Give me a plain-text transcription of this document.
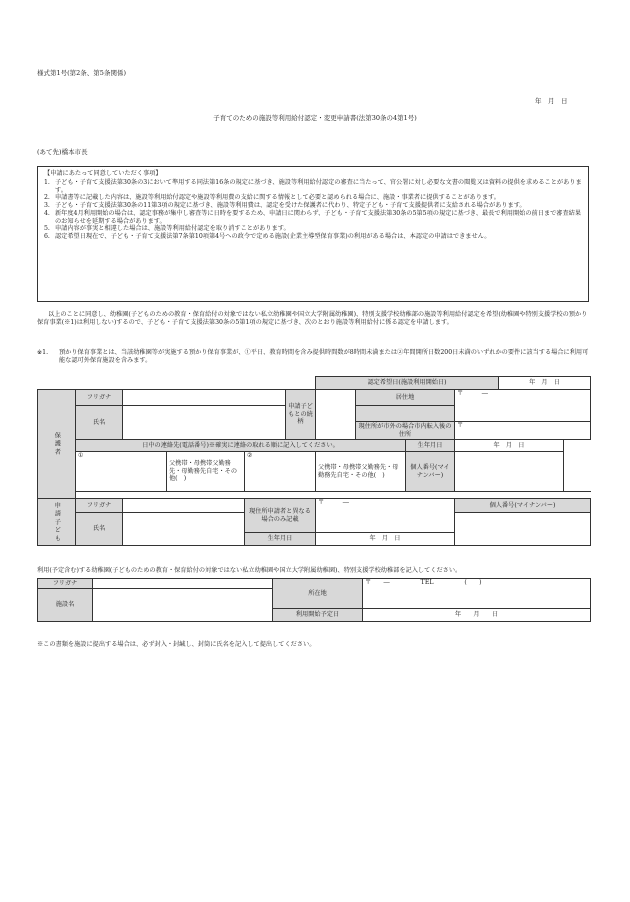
様式第1号(第2条、第5条関係)
年　月　日
子育てのための施設等利用給付認定・変更申請書(法第30条の4第1号)
(あて先)橋本市長
【申請にあたって同意していただく事項】
1. 子ども・子育て支援法第30条の3において準用する同法第16条の規定に基づき、施設等利用給付認定の審査に当たって、官公署に対し必要な文書の閲覧又は資料の提供を求めることがあります。
2. 申請書等に記載した内容は、施設等利用給付認定や施設等利用費の支給に関する情報として必要と認められる場合に、施設・事業者に提供することがあります。
3. 子ども・子育て支援法第30条の11第3項の規定に基づき、施設等利用費は、認定を受けた保護者に代わり、特定子ども・子育て支援提供者に支給される場合があります。
4. 新年度4月利用開始の場合は、認定事務が集中し審査等に日時を要するため、申請日に関わらず、子ども・子育て支援法第30条の5第5項の規定に基づき、最長で利用開始の前日まで審査結果のお知らせを延期する場合があります。
5. 申請内容が事実と相違した場合は、施設等利用給付認定を取り消すことがあります。
6. 認定希望日現在で、子ども・子育て支援法第7条第10項第4号への政令で定める施設(企業主導型保育事業)の利用がある場合は、本認定の申請はできません。
以上のことに同意し、幼稚園(子どものための教育・保育給付の対象ではない私立幼稚園や国立大学附属幼稚園)、特別支援学校幼稚部の施設等利用給付認定を希望(幼稚園や特別支援学校の預かり保育事業(※1)は利用しない)するので、子ども・子育て支援法第30条の5第1項の規定に基づき、次のとおり施設等利用給付に係る認定を申請します。
※1.	預かり保育事業とは、当該幼稚園等が実施する預かり保育事業が、①平日、教育時間を含み提供時間数が8時間未満または②年間開所日数200日未満のいずれかの要件に該当する場合に利用可能な認可外保育施設を含みます。
						認定希望日(施設利用開始日)				年　月　日

保護者	フリガナ				申請子どもとの続柄		居住地		〒　　　―	
	氏名									
							現住所が市外の場合市内転入後の住所		〒	
	日中の連絡先(電話番号)※確実に連絡の取れる順に記入してください。							生年月日	年　月　日	
	①		父携帯・母携帯父勤務先・母勤務先自宅・その他(　)	②		父携帯・母携帯父勤務先・母勤務先自宅・その他(　)		個人番号(マイナンバー)		

申請子ども	フリガナ			現住所申請者と異なる場合のみ記載		〒　　　―			個人番号(マイナンバー)	
	氏名									
				生年月日		年　月　日				
利用(予定含む)する幼稚園(子どものための教育・保育給付の対象ではない私立幼稚園や国立大学附属幼稚園)、特別支援学校幼稚部を記入してください。
フリガナ		所在地	〒　　―　　　　　TEL　　　　　(　　)
施設名			
		利用開始予定日	年　　月　　日
※この書類を施設に提出する場合は、必ず封入・封緘し、封筒に氏名を記入して提出してください。
